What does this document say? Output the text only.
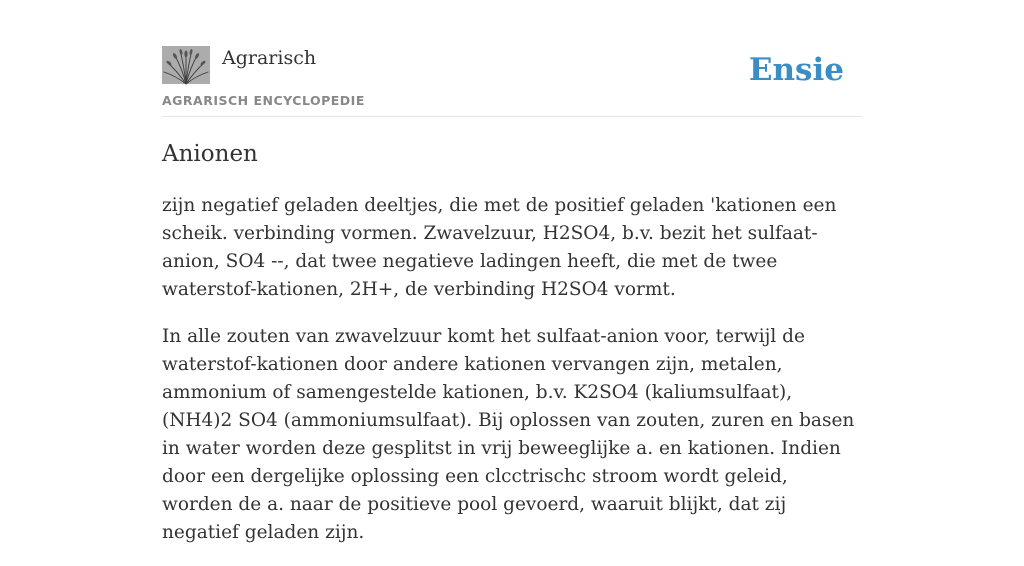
Agrarisch
AGRARISCH ENCYCLOPEDIE
Ensie
Anionen

zijn negatief geladen deeltjes, die met de positief geladen 'kationen een scheik. verbinding vormen. Zwavelzuur, H2SO4, b.v. bezit het sulfaat-anion, SO4 --, dat twee negatieve ladingen heeft, die met de twee waterstof-kationen, 2H+, de verbinding H2SO4 vormt.

In alle zouten van zwavelzuur komt het sulfaat-anion voor, terwijl de waterstof-kationen door andere kationen vervangen zijn, metalen, ammonium of samengestelde kationen, b.v. K2SO4 (kaliumsulfaat), (NH4)2 SO4 (ammoniumsulfaat). Bij oplossen van zouten, zuren en basen in water worden deze gesplitst in vrij beweeglijke a. en kationen. Indien door een dergelijke oplossing een clcctrischc stroom wordt geleid, worden de a. naar de positieve pool gevoerd, waaruit blijkt, dat zij negatief geladen zijn.
